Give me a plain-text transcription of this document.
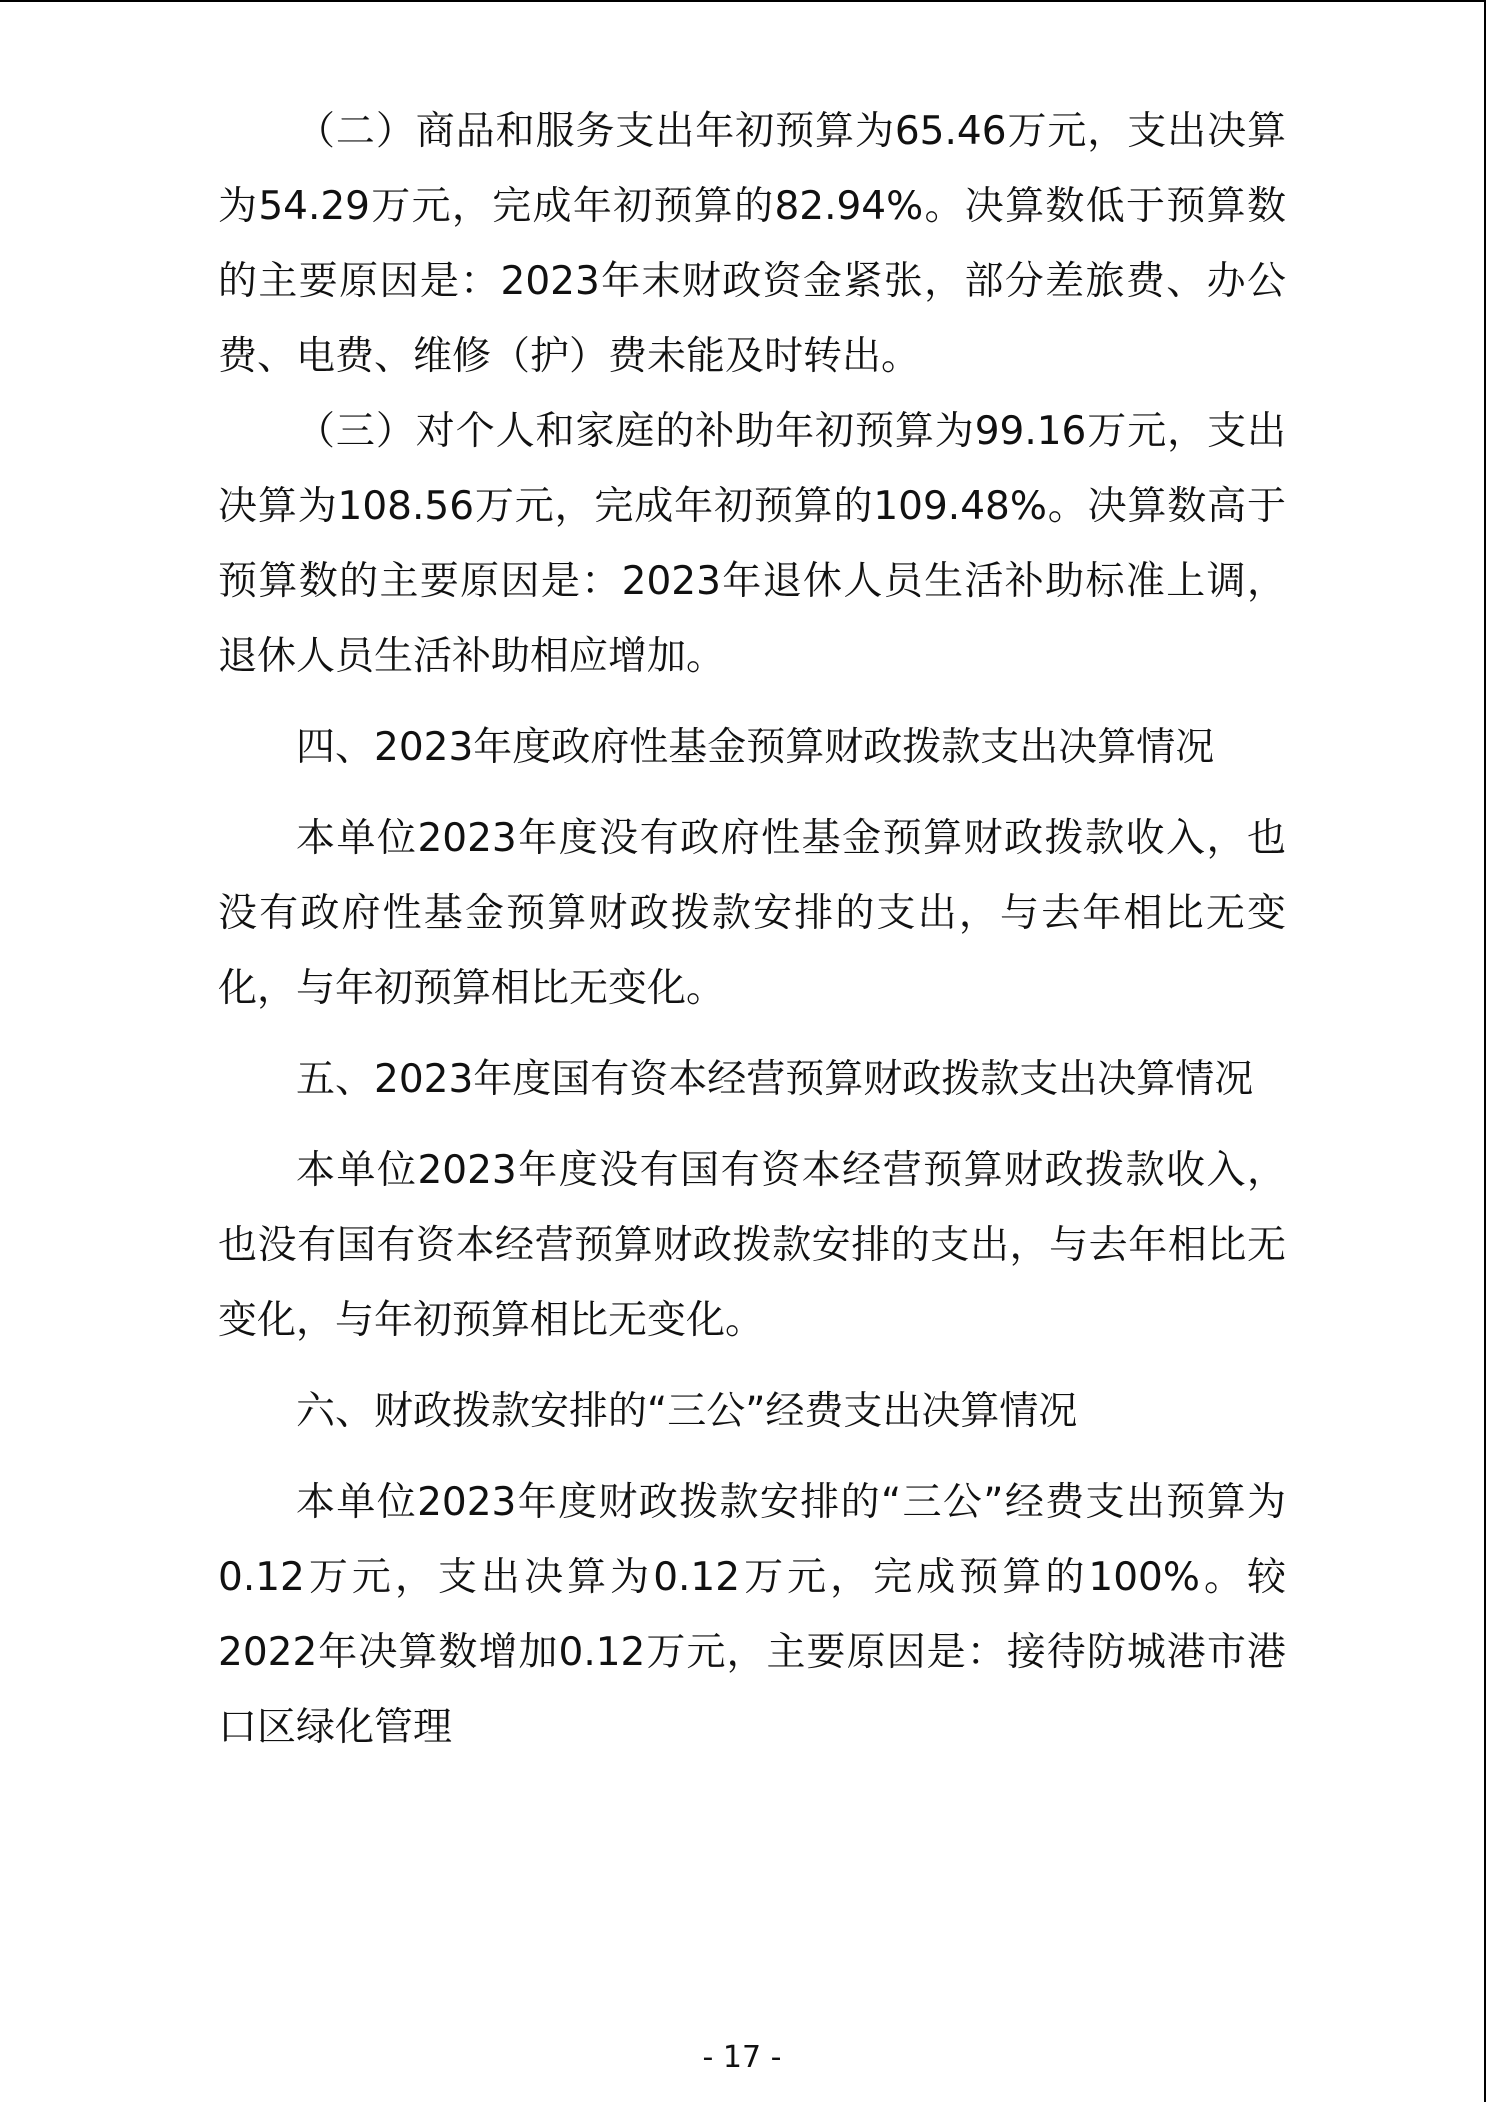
（二）商品和服务支出年初预算为65.46万元，支出决算为54.29万元，完成年初预算的82.94%。决算数低于预算数的主要原因是：2023年末财政资金紧张，部分差旅费、办公费、电费、维修（护）费未能及时转出。

（三）对个人和家庭的补助年初预算为99.16万元，支出决算为108.56万元，完成年初预算的109.48%。决算数高于预算数的主要原因是：2023年退休人员生活补助标准上调，退休人员生活补助相应增加。

四、2023年度政府性基金预算财政拨款支出决算情况

本单位2023年度没有政府性基金预算财政拨款收入，也没有政府性基金预算财政拨款安排的支出，与去年相比无变化，与年初预算相比无变化。

五、2023年度国有资本经营预算财政拨款支出决算情况

本单位2023年度没有国有资本经营预算财政拨款收入，也没有国有资本经营预算财政拨款安排的支出，与去年相比无变化，与年初预算相比无变化。

六、财政拨款安排的“三公”经费支出决算情况

本单位2023年度财政拨款安排的“三公”经费支出预算为0.12万元，支出决算为0.12万元，完成预算的100%。较2022年决算数增加0.12万元，主要原因是：接待防城港市港口区绿化管理

- 17 -
